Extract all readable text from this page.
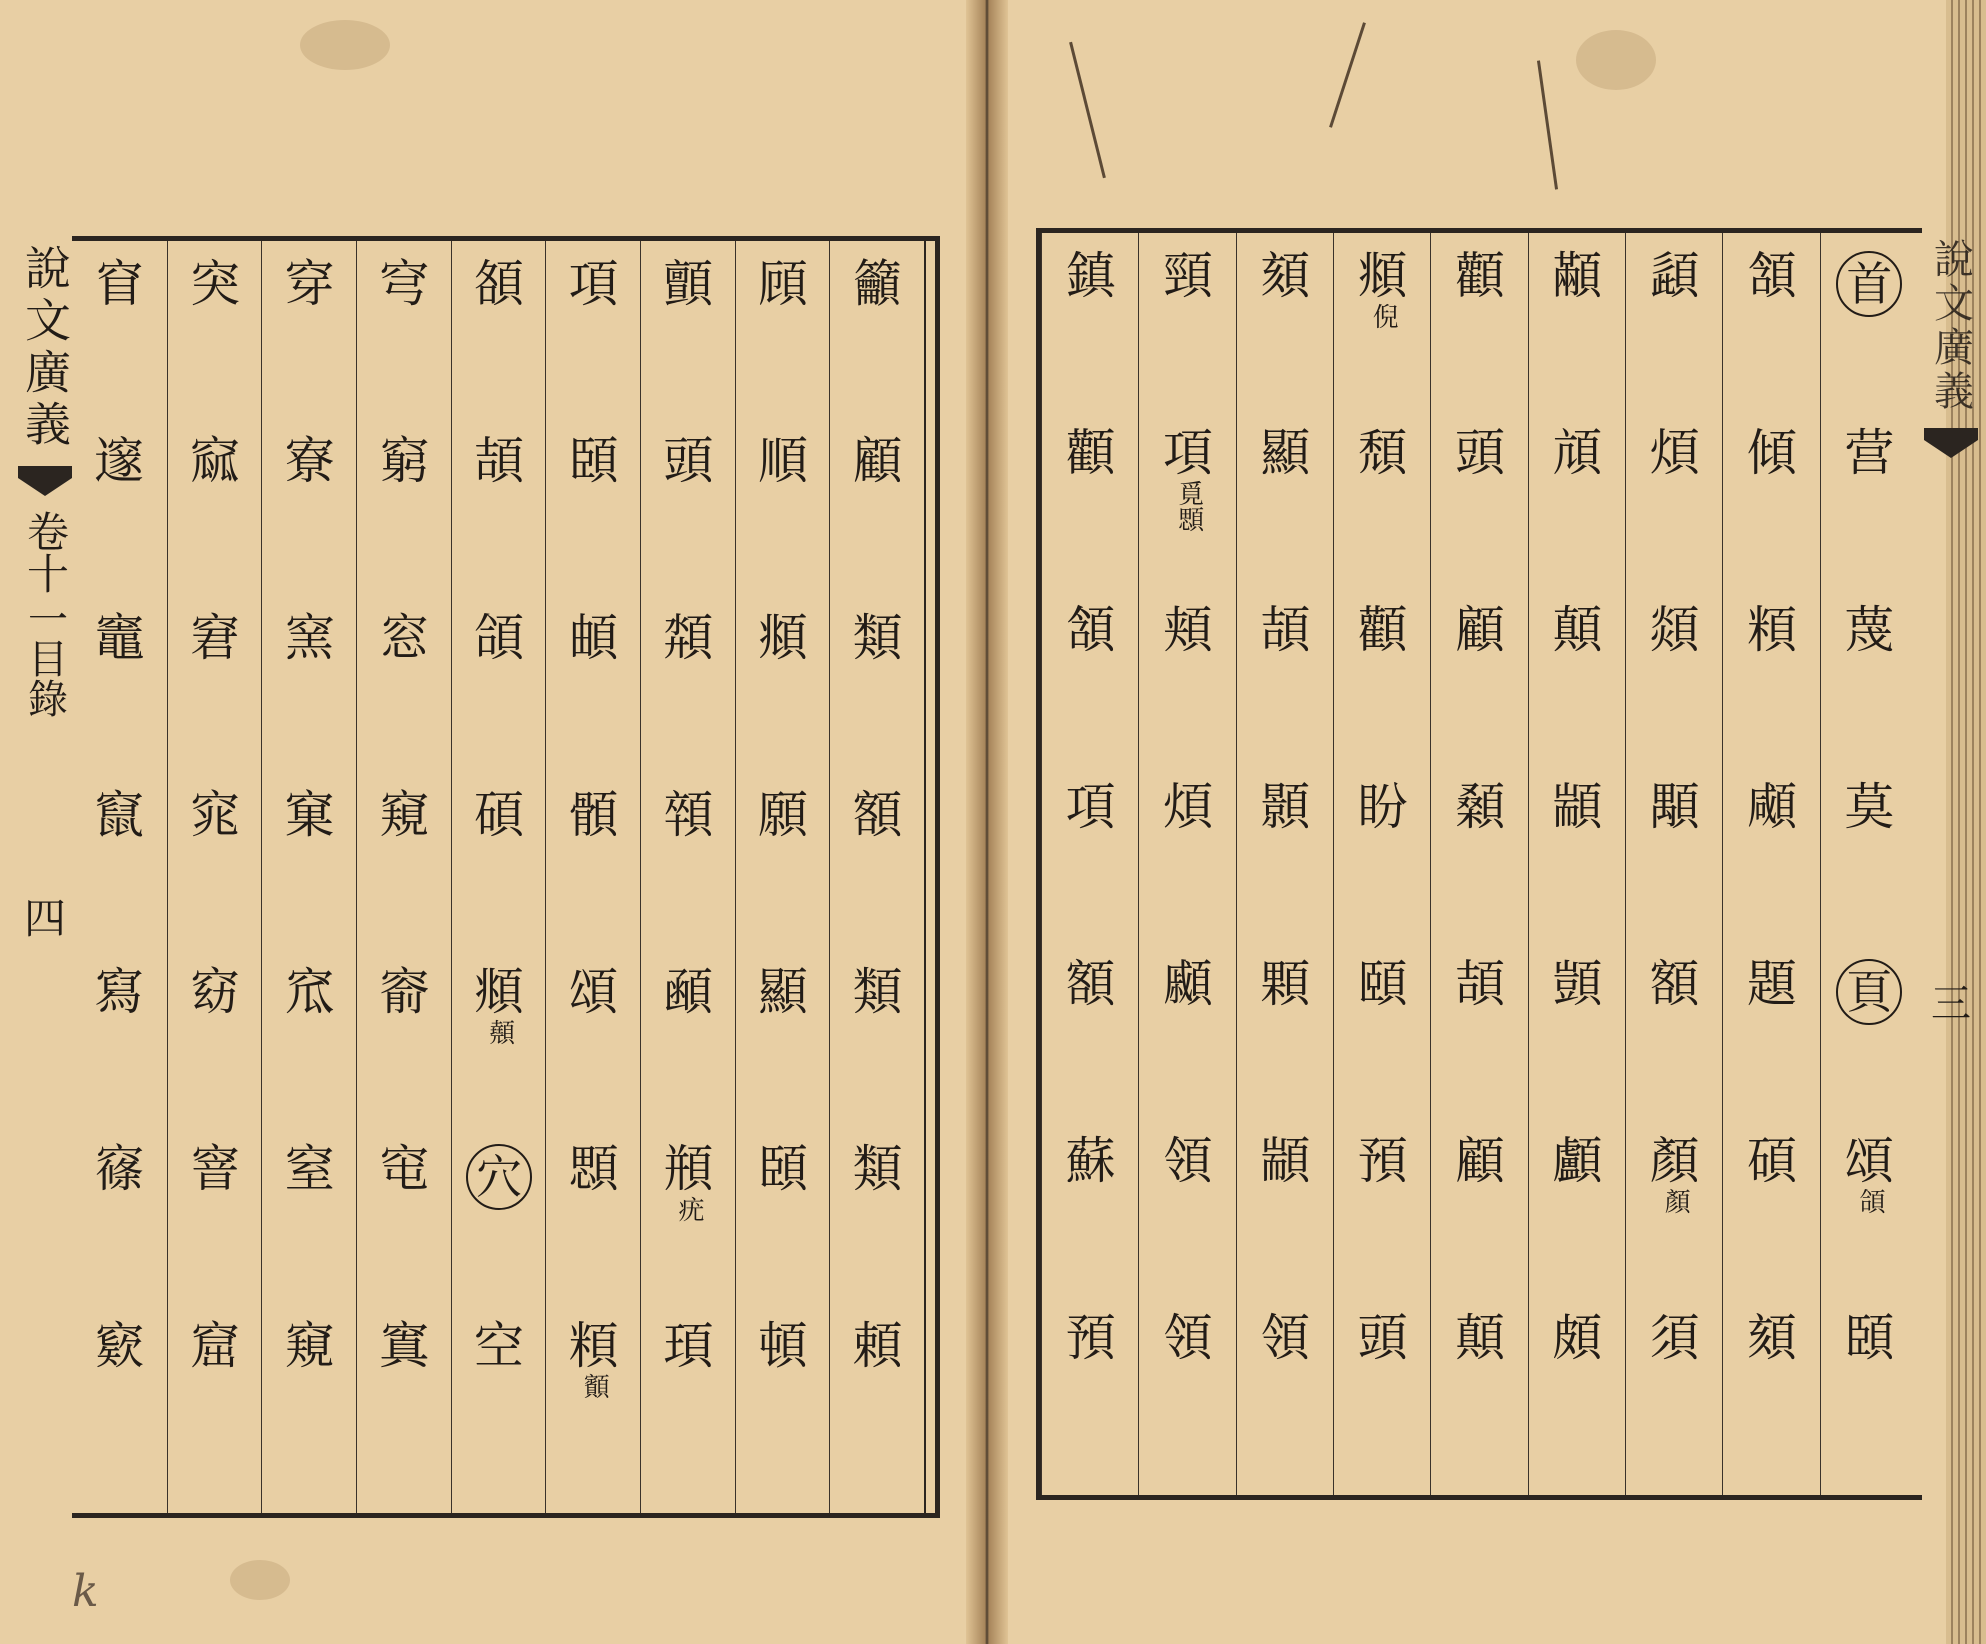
說文廣義
卷十
一目錄
四
窅
邃
竈
竄
寫
窱
窽
突
窳
窘
窕
窈
窨
窟
穿
寮
窯
窠
窊
窒
窺
穹
窮
窓
窺
窬
窀
窴
頟
頡
頜
碩
頫
顤
穴
空
項
頣
頔
顝
頌
顋
頪
顮
顫
頭
頮
顇
顄
頩
疣
頊
頋
順
頫
願
顯
頣
頓
籲
顧
類
額
類
類
頼
k
鎮
顴
頷
項
額
蘇
預
頸
項
覓顋
頬
煩
顣
領
領
頦
顯
頡
顥
顆
顓
領
頫
倪
頹
顴
盼
頤
預
頭
顴
頭
顧
顙
頡
顧
顛
顢
頏
顛
顓
顗
顱
頗
頿
煩
顃
顒
額
顏
顏
須
頷
傾
頪
顑
題
碩
頦
首
营
蔑
莫
頁
頌
頜
頣
說文廣義
三
